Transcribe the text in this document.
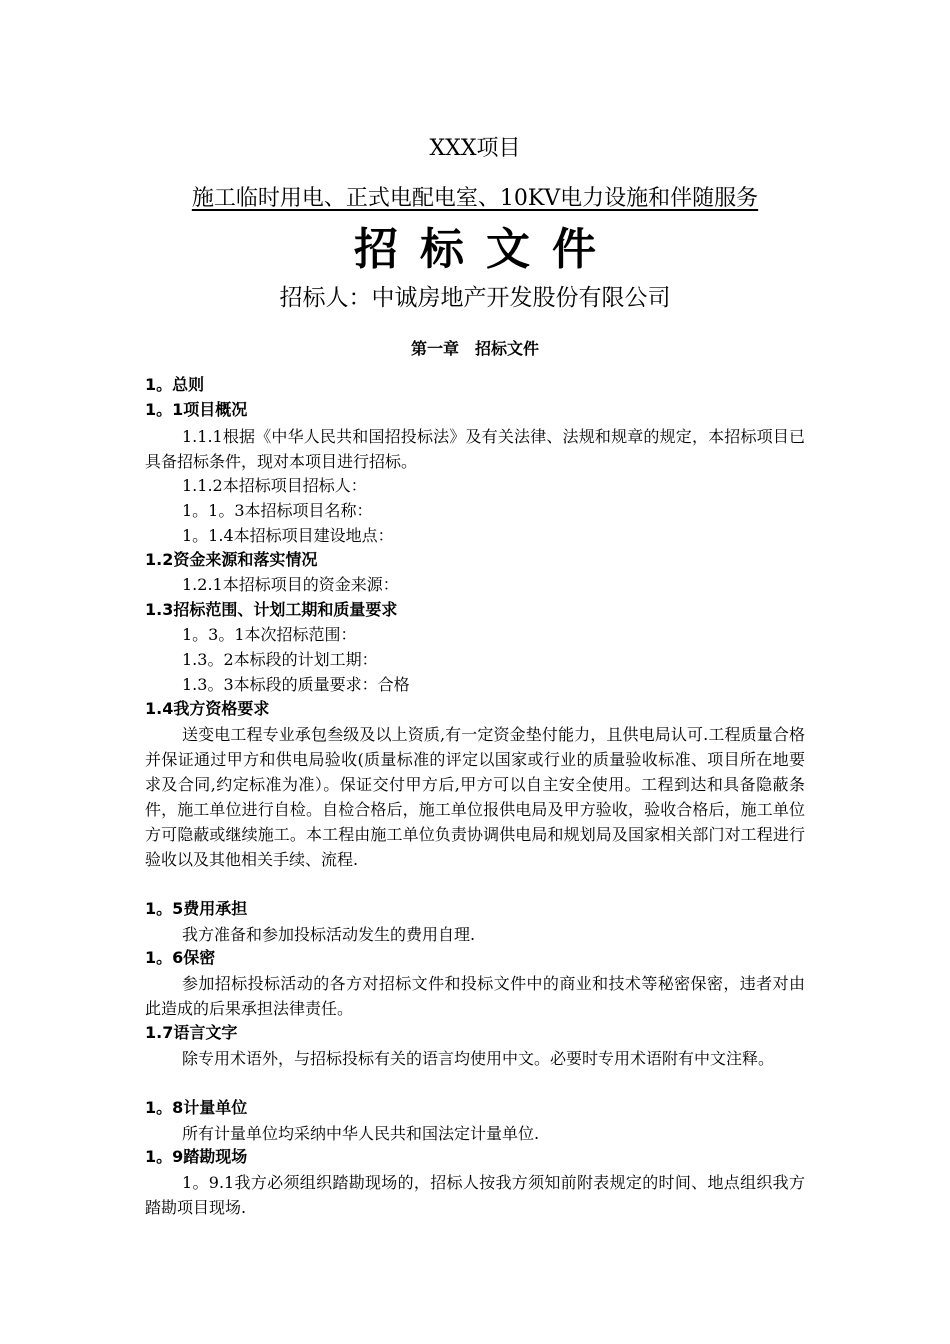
XXX项目
施工临时用电、正式电配电室、10KV电力设施和伴随服务
招标文件
招标人：中诚房地产开发股份有限公司
第一章　招标文件
1。总则
1。1项目概况

1.1.1根据《中华人民共和国招投标法》及有关法律、法规和规章的规定，本招标项目已具备招标条件，现对本项目进行招标。

1.1.2本招标项目招标人：
1。1。3本招标项目名称：
1。1.4本招标项目建设地点：
1.2资金来源和落实情况
1.2.1本招标项目的资金来源：
1.3招标范围、计划工期和质量要求
1。3。1本次招标范围：
1.3。2本标段的计划工期：
1.3。3本标段的质量要求：合格
1.4我方资格要求

送变电工程专业承包叁级及以上资质,有一定资金垫付能力，且供电局认可.工程质量合格并保证通过甲方和供电局验收(质量标准的评定以国家或行业的质量验收标准、项目所在地要求及合同,约定标准为准）。保证交付甲方后,甲方可以自主安全使用。工程到达和具备隐蔽条件，施工单位进行自检。自检合格后，施工单位报供电局及甲方验收，验收合格后，施工单位方可隐蔽或继续施工。本工程由施工单位负责协调供电局和规划局及国家相关部门对工程进行验收以及其他相关手续、流程.

1。5费用承担

我方准备和参加投标活动发生的费用自理.

1。6保密

参加招标投标活动的各方对招标文件和投标文件中的商业和技术等秘密保密，违者对由此造成的后果承担法律责任。

1.7语言文字

除专用术语外，与招标投标有关的语言均使用中文。必要时专用术语附有中文注释。

1。8计量单位

所有计量单位均采纳中华人民共和国法定计量单位.

1。9踏勘现场

1。9.1我方必须组织踏勘现场的，招标人按我方须知前附表规定的时间、地点组织我方踏勘项目现场.
